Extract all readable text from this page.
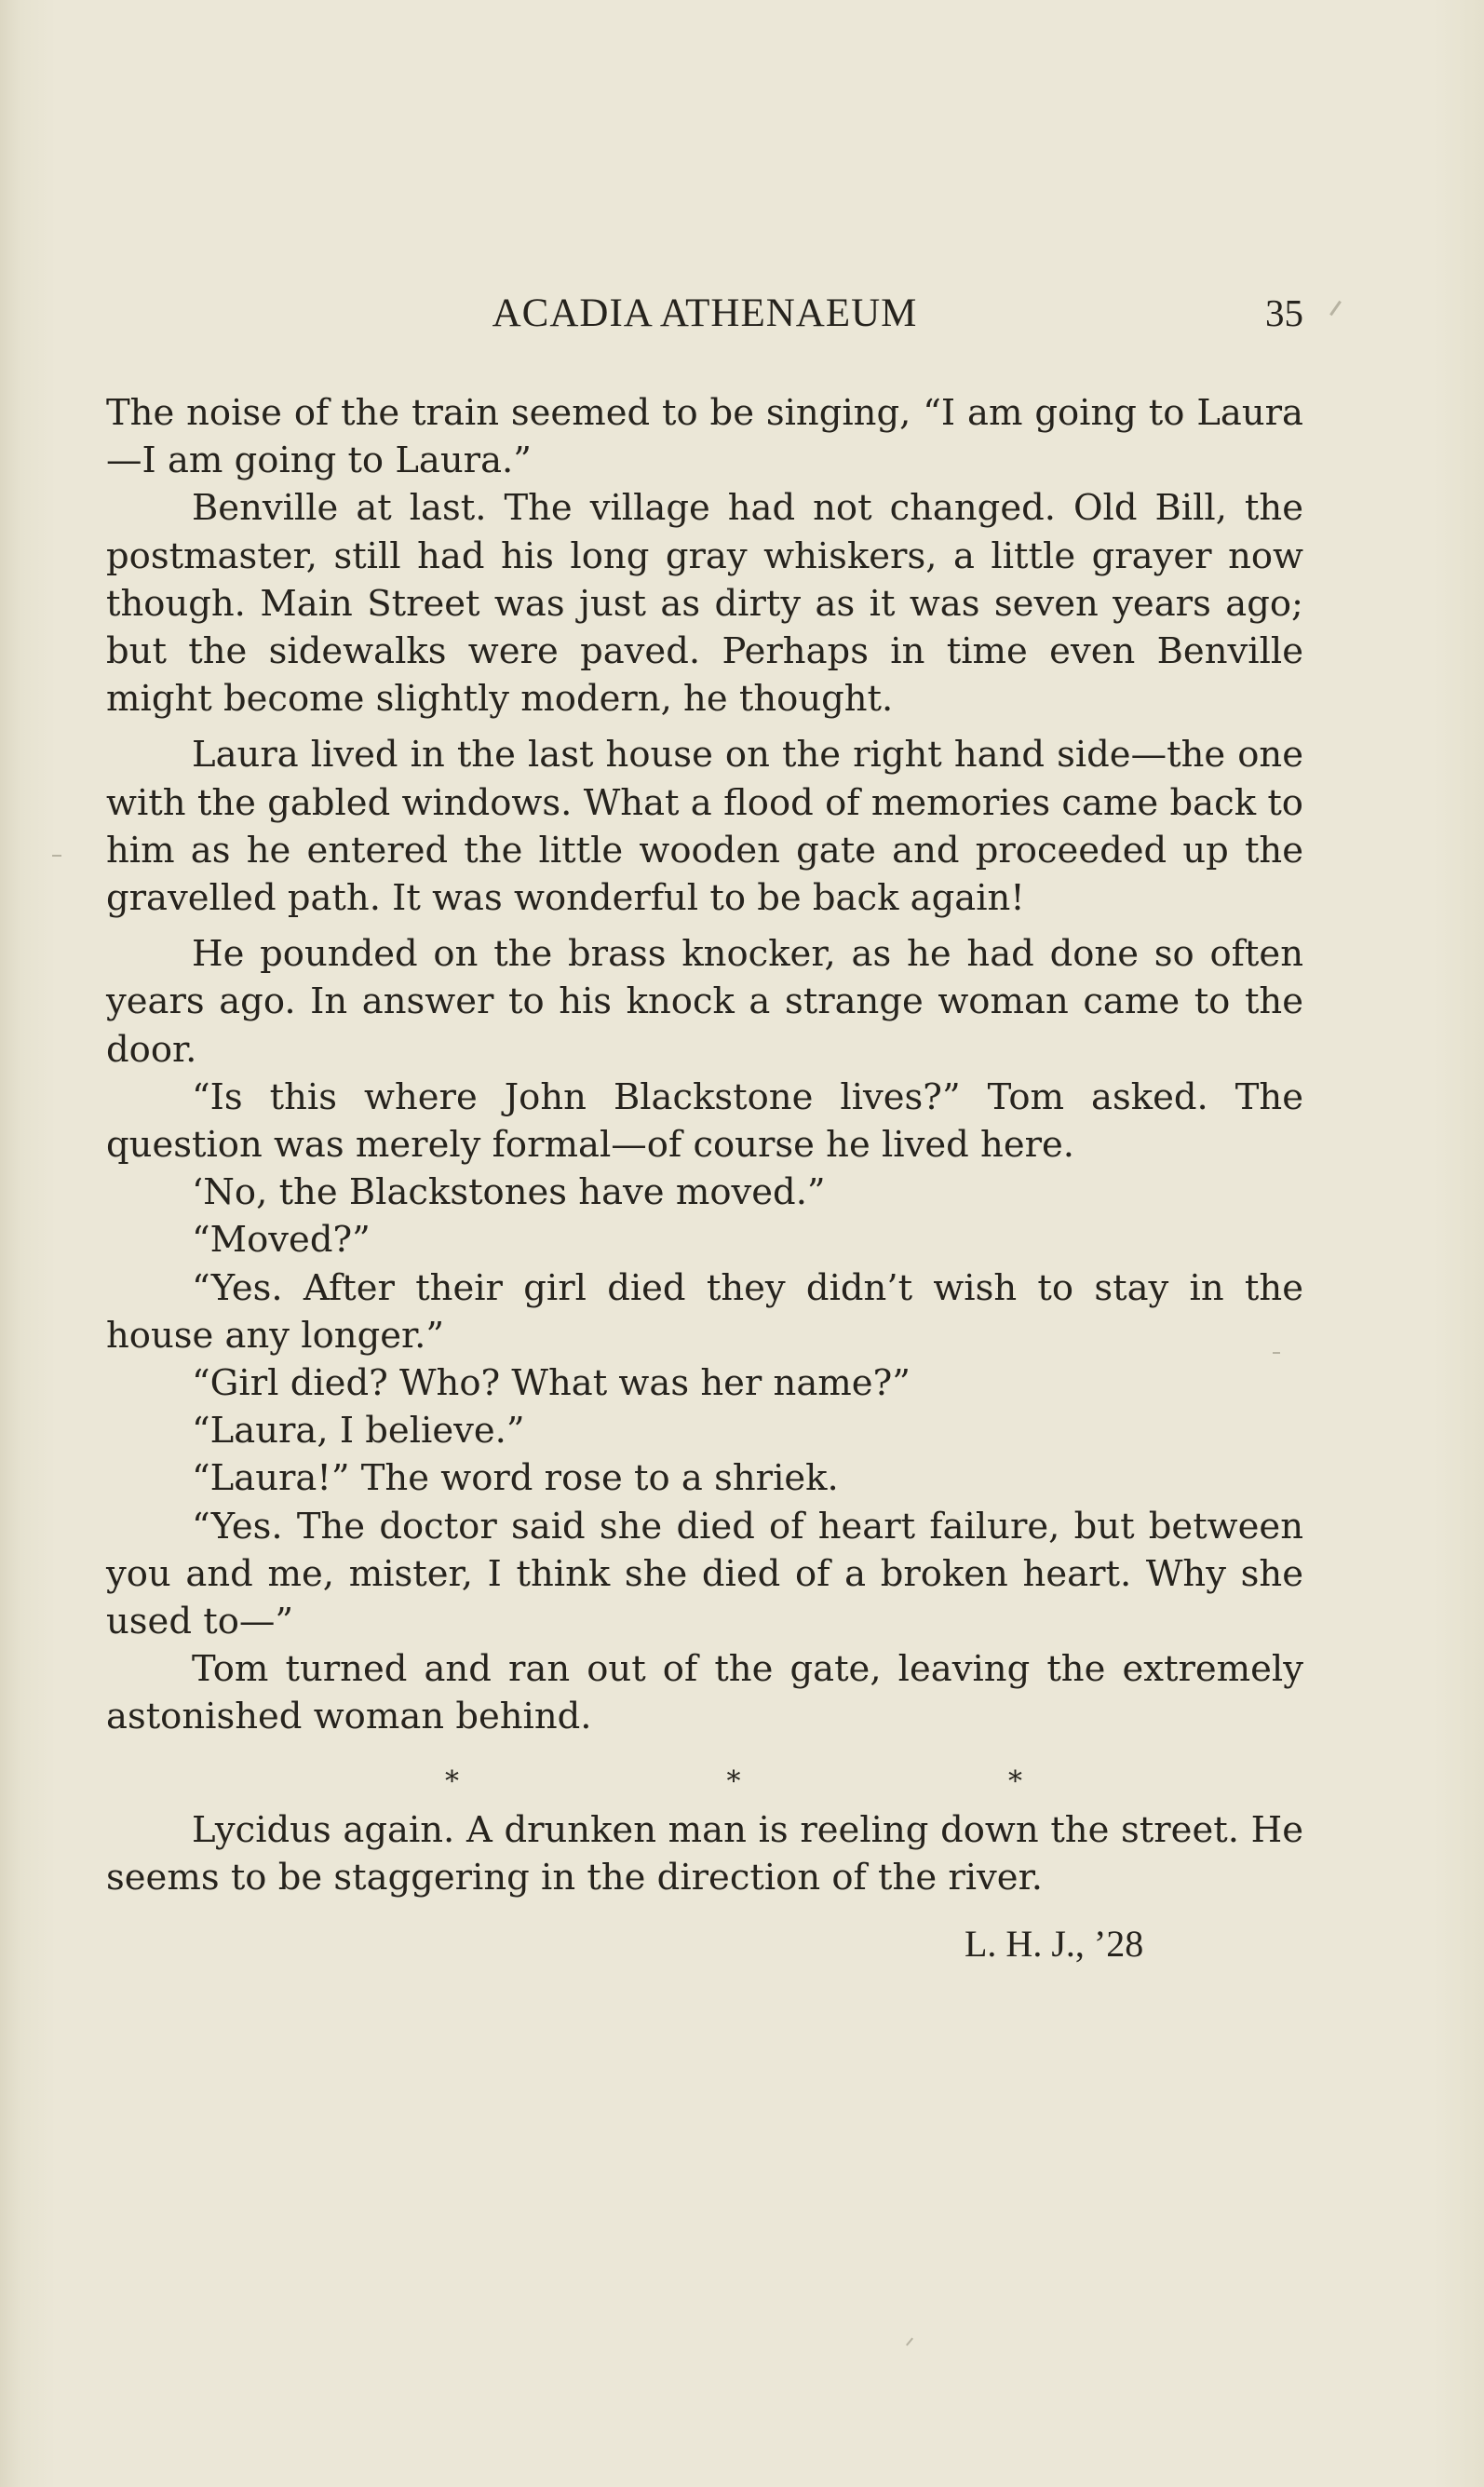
ACADIA ATHENAEUM	35

The noise of the train seemed to be singing, “I am going to Laura—I am going to Laura.”

Benville at last. The village had not changed. Old Bill, the postmaster, still had his long gray whiskers, a little grayer now though. Main Street was just as dirty as it was seven years ago; but the sidewalks were paved. Perhaps in time even Benville might become slightly modern, he thought.

Laura lived in the last house on the right hand side—the one with the gabled windows. What a flood of memories came back to him as he entered the little wooden gate and proceeded up the gravelled path. It was wonderful to be back again!

He pounded on the brass knocker, as he had done so often years ago. In answer to his knock a strange woman came to the door.

“Is this where John Blackstone lives?” Tom asked. The question was merely formal—of course he lived here.

‘No, the Blackstones have moved.”

“Moved?”

“Yes. After their girl died they didn’t wish to stay in the house any longer.”

“Girl died? Who? What was her name?”

“Laura, I believe.”

“Laura!” The word rose to a shriek.

“Yes. The doctor said she died of heart failure, but between you and me, mister, I think she died of a broken heart. Why she used to—”

Tom turned and ran out of the gate, leaving the extremely astonished woman behind.

*	*	*

Lycidus again. A drunken man is reeling down the street. He seems to be staggering in the direction of the river.

L. H. J., ’28
